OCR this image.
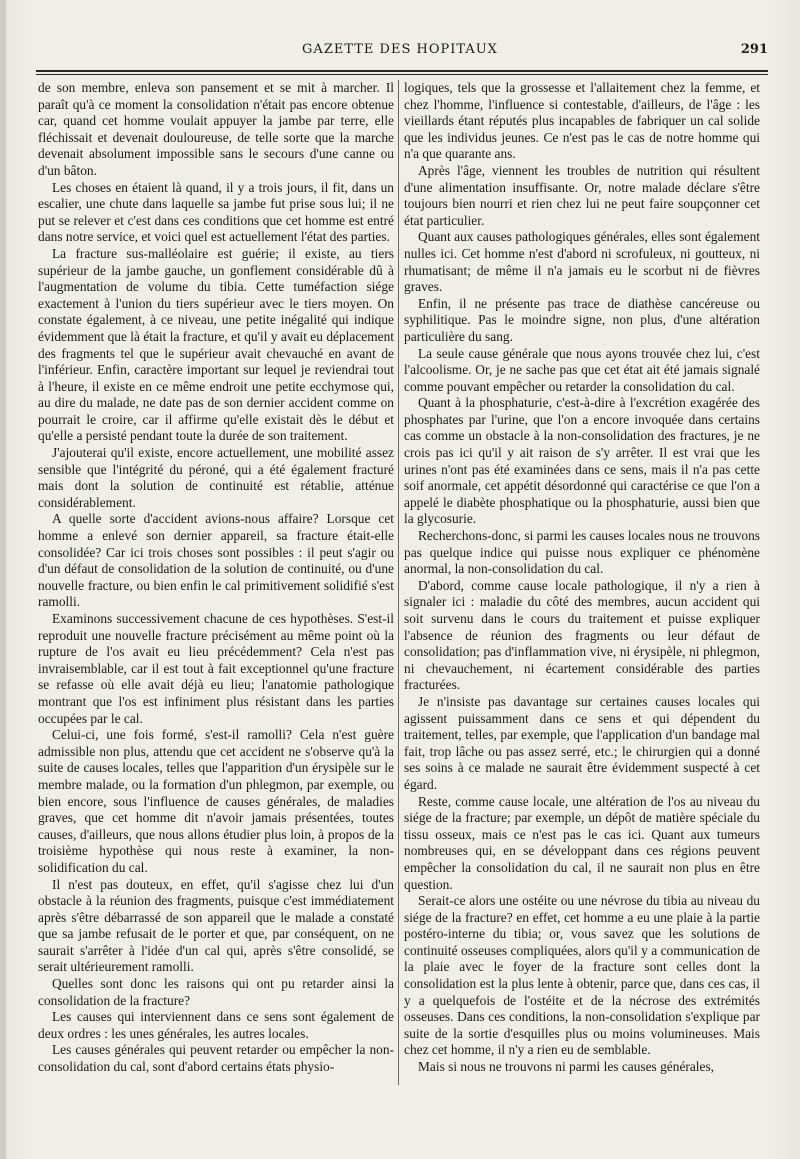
GAZETTE DES HOPITAUX	291

de son membre, enleva son pansement et se mit à marcher. Il paraît qu'à ce moment la consolidation n'était pas encore obtenue car, quand cet homme voulait appuyer la jambe par terre, elle fléchissait et devenait douloureuse, de telle sorte que la marche devenait absolument impossible sans le secours d'une canne ou d'un bâton.

Les choses en étaient là quand, il y a trois jours, il fit, dans un escalier, une chute dans laquelle sa jambe fut prise sous lui; il ne put se relever et c'est dans ces conditions que cet homme est entré dans notre service, et voici quel est actuellement l'état des parties.

La fracture sus-malléolaire est guérie; il existe, au tiers supérieur de la jambe gauche, un gonflement considérable dû à l'augmentation de volume du tibia. Cette tuméfaction siége exactement à l'union du tiers supérieur avec le tiers moyen. On constate également, à ce niveau, une petite inégalité qui indique évidemment que là était la fracture, et qu'il y avait eu déplacement des fragments tel que le supérieur avait chevauché en avant de l'inférieur. Enfin, caractère important sur lequel je reviendrai tout à l'heure, il existe en ce même endroit une petite ecchymose qui, au dire du malade, ne date pas de son dernier accident comme on pourrait le croire, car il affirme qu'elle existait dès le début et qu'elle a persisté pendant toute la durée de son traitement.

J'ajouterai qu'il existe, encore actuellement, une mobilité assez sensible que l'intégrité du péroné, qui a été également fracturé mais dont la solution de continuité est rétablie, atténue considérablement.

A quelle sorte d'accident avions-nous affaire? Lorsque cet homme a enlevé son dernier appareil, sa fracture était-elle consolidée? Car ici trois choses sont possibles : il peut s'agir ou d'un défaut de consolidation de la solution de continuité, ou d'une nouvelle fracture, ou bien enfin le cal primitivement solidifié s'est ramolli.

Examinons successivement chacune de ces hypothèses. S'est-il reproduit une nouvelle fracture précisément au même point où la rupture de l'os avait eu lieu précédemment? Cela n'est pas invraisemblable, car il est tout à fait exceptionnel qu'une fracture se refasse où elle avait déjà eu lieu; l'anatomie pathologique montrant que l'os est infiniment plus résistant dans les parties occupées par le cal.

Celui-ci, une fois formé, s'est-il ramolli? Cela n'est guère admissible non plus, attendu que cet accident ne s'observe qu'à la suite de causes locales, telles que l'apparition d'un érysipèle sur le membre malade, ou la formation d'un phlegmon, par exemple, ou bien encore, sous l'influence de causes générales, de maladies graves, que cet homme dit n'avoir jamais présentées, toutes causes, d'ailleurs, que nous allons étudier plus loin, à propos de la troisième hypothèse qui nous reste à examiner, la non-solidification du cal.

Il n'est pas douteux, en effet, qu'il s'agisse chez lui d'un obstacle à la réunion des fragments, puisque c'est immédiatement après s'être débarrassé de son appareil que le malade a constaté que sa jambe refusait de le porter et que, par conséquent, on ne saurait s'arrêter à l'idée d'un cal qui, après s'être consolidé, se serait ultérieurement ramolli.

Quelles sont donc les raisons qui ont pu retarder ainsi la consolidation de la fracture?

Les causes qui interviennent dans ce sens sont également de deux ordres : les unes générales, les autres locales.

Les causes générales qui peuvent retarder ou empêcher la non-consolidation du cal, sont d'abord certains états physio-

logiques, tels que la grossesse et l'allaitement chez la femme, et chez l'homme, l'influence si contestable, d'ailleurs, de l'âge : les vieillards étant réputés plus incapables de fabriquer un cal solide que les individus jeunes. Ce n'est pas le cas de notre homme qui n'a que quarante ans.

Après l'âge, viennent les troubles de nutrition qui résultent d'une alimentation insuffisante. Or, notre malade déclare s'être toujours bien nourri et rien chez lui ne peut faire soupçonner cet état particulier.

Quant aux causes pathologiques générales, elles sont également nulles ici. Cet homme n'est d'abord ni scrofuleux, ni goutteux, ni rhumatisant; de même il n'a jamais eu le scorbut ni de fièvres graves.

Enfin, il ne présente pas trace de diathèse cancéreuse ou syphilitique. Pas le moindre signe, non plus, d'une altération particulière du sang.

La seule cause générale que nous ayons trouvée chez lui, c'est l'alcoolisme. Or, je ne sache pas que cet état ait été jamais signalé comme pouvant empêcher ou retarder la consolidation du cal.

Quant à la phosphaturie, c'est-à-dire à l'excrétion exagérée des phosphates par l'urine, que l'on a encore invoquée dans certains cas comme un obstacle à la non-consolidation des fractures, je ne crois pas ici qu'il y ait raison de s'y arrêter. Il est vrai que les urines n'ont pas été examinées dans ce sens, mais il n'a pas cette soif anormale, cet appétit désordonné qui caractérise ce que l'on a appelé le diabète phosphatique ou la phosphaturie, aussi bien que la glycosurie.

Recherchons-donc, si parmi les causes locales nous ne trouvons pas quelque indice qui puisse nous expliquer ce phénomène anormal, la non-consolidation du cal.

D'abord, comme cause locale pathologique, il n'y a rien à signaler ici : maladie du côté des membres, aucun accident qui soit survenu dans le cours du traitement et puisse expliquer l'absence de réunion des fragments ou leur défaut de consolidation; pas d'inflammation vive, ni érysipèle, ni phlegmon, ni chevauchement, ni écartement considérable des parties fracturées.

Je n'insiste pas davantage sur certaines causes locales qui agissent puissamment dans ce sens et qui dépendent du traitement, telles, par exemple, que l'application d'un bandage mal fait, trop lâche ou pas assez serré, etc.; le chirurgien qui a donné ses soins à ce malade ne saurait être évidemment suspecté à cet égard.

Reste, comme cause locale, une altération de l'os au niveau du siége de la fracture; par exemple, un dépôt de matière spéciale du tissu osseux, mais ce n'est pas le cas ici. Quant aux tumeurs nombreuses qui, en se développant dans ces régions peuvent empêcher la consolidation du cal, il ne saurait non plus en être question.

Serait-ce alors une ostéite ou une névrose du tibia au niveau du siége de la fracture? en effet, cet homme a eu une plaie à la partie postéro-interne du tibia; or, vous savez que les solutions de continuité osseuses compliquées, alors qu'il y a communication de la plaie avec le foyer de la fracture sont celles dont la consolidation est la plus lente à obtenir, parce que, dans ces cas, il y a quelquefois de l'ostéite et de la nécrose des extrémités osseuses. Dans ces conditions, la non-consolidation s'explique par suite de la sortie d'esquilles plus ou moins volumineuses. Mais chez cet homme, il n'y a rien eu de semblable.

Mais si nous ne trouvons ni parmi les causes générales,
